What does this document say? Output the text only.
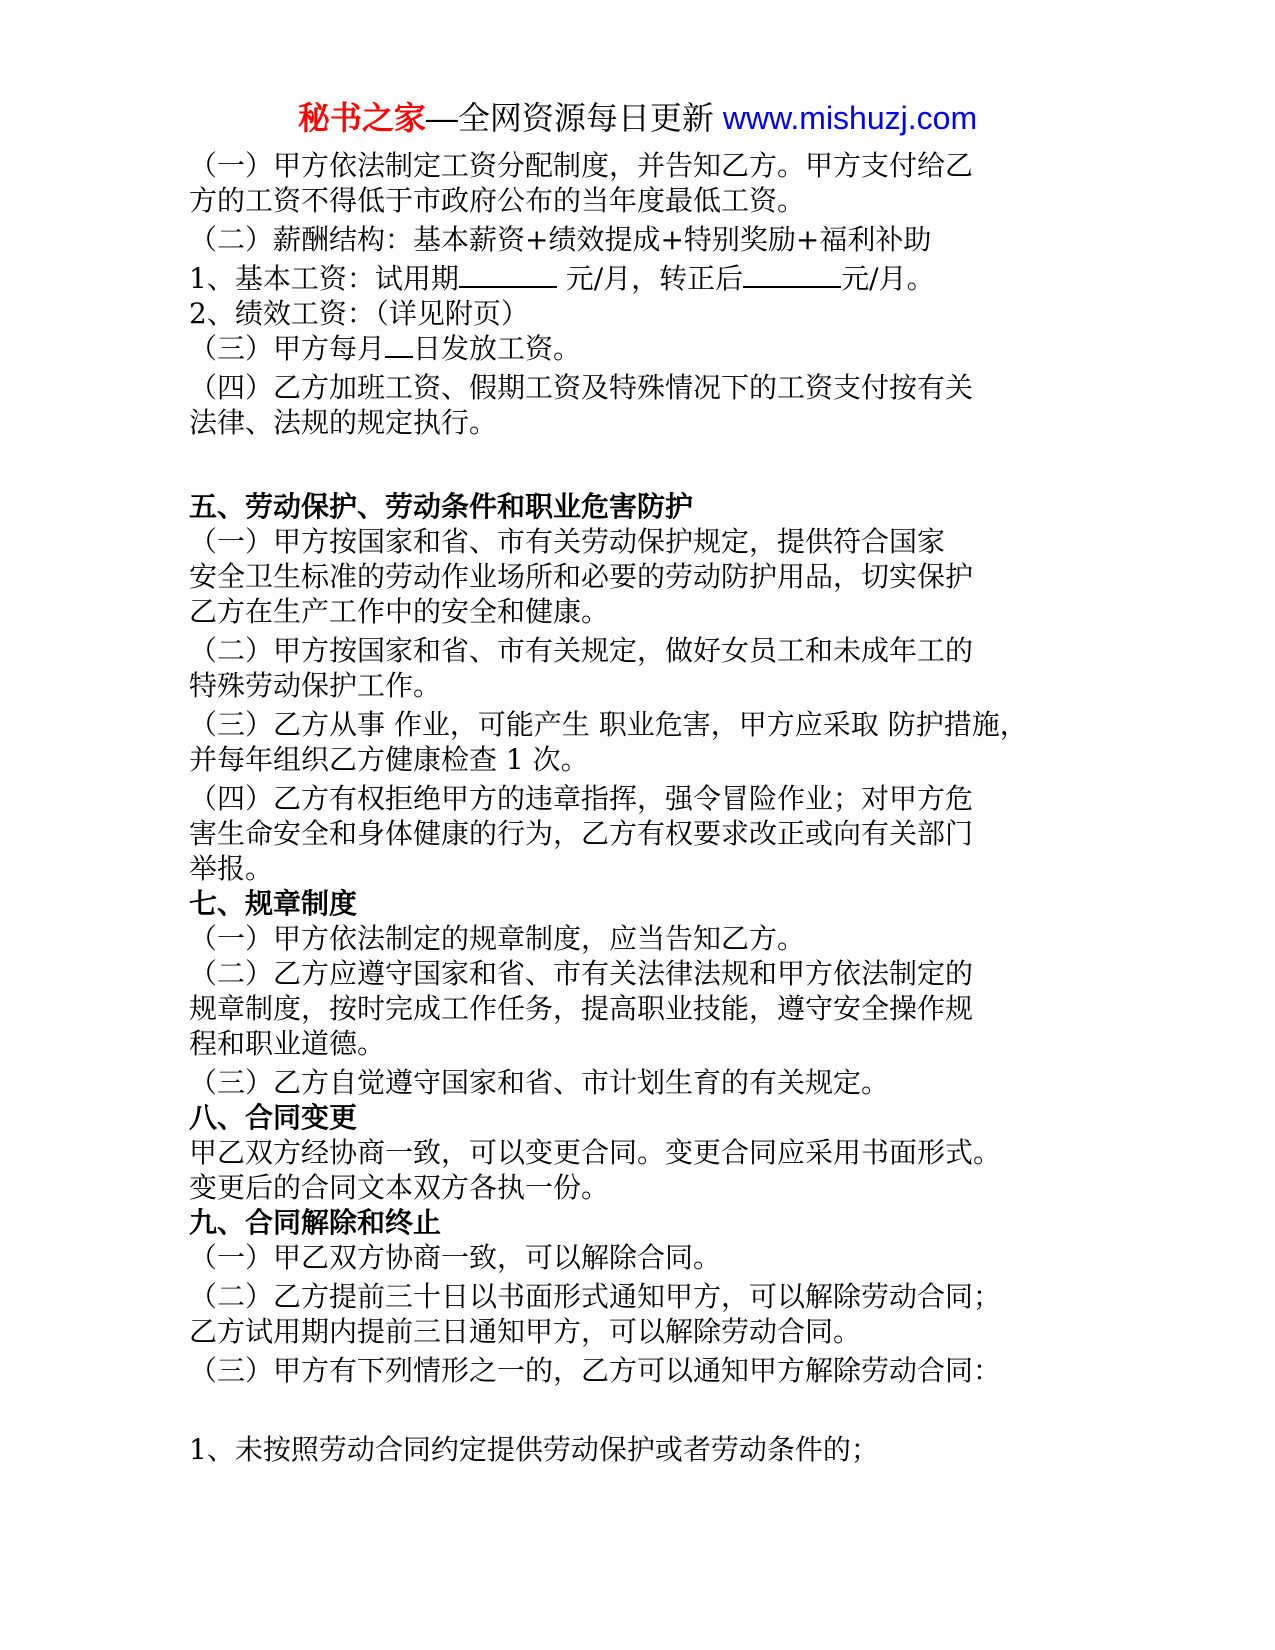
秘书之家—全网资源每日更新 www.mishuzj.com
（一）甲方依法制定工资分配制度，并告知乙方。甲方支付给乙
方的工资不得低于市政府公布的当年度最低工资。
（二）薪酬结构：基本薪资+绩效提成+特别奖励+福利补助
1、基本工资：试用期	元/月，转正后	元/月。
2、绩效工资：（详见附页）
（三）甲方每月 日发放工资。
（四）乙方加班工资、假期工资及特殊情况下的工资支付按有关
法律、法规的规定执行。
五、劳动保护、劳动条件和职业危害防护
（一）甲方按国家和省、市有关劳动保护规定，提供符合国家
安全卫生标准的劳动作业场所和必要的劳动防护用品，切实保护
乙方在生产工作中的安全和健康。
（二）甲方按国家和省、市有关规定，做好女员工和未成年工的
特殊劳动保护工作。
（三）乙方从事 作业，可能产生 职业危害，甲方应采取 防护措施，
并每年组织乙方健康检查 1 次。
（四）乙方有权拒绝甲方的违章指挥，强令冒险作业；对甲方危
害生命安全和身体健康的行为，乙方有权要求改正或向有关部门
举报。
七、规章制度
（一）甲方依法制定的规章制度，应当告知乙方。
（二）乙方应遵守国家和省、市有关法律法规和甲方依法制定的
规章制度，按时完成工作任务，提高职业技能，遵守安全操作规
程和职业道德。
（三）乙方自觉遵守国家和省、市计划生育的有关规定。
八、合同变更
甲乙双方经协商一致，可以变更合同。变更合同应采用书面形式。
变更后的合同文本双方各执一份。
九、合同解除和终止
（一）甲乙双方协商一致，可以解除合同。
（二）乙方提前三十日以书面形式通知甲方，可以解除劳动合同；
乙方试用期内提前三日通知甲方，可以解除劳动合同。
（三）甲方有下列情形之一的，乙方可以通知甲方解除劳动合同：
1、未按照劳动合同约定提供劳动保护或者劳动条件的；
